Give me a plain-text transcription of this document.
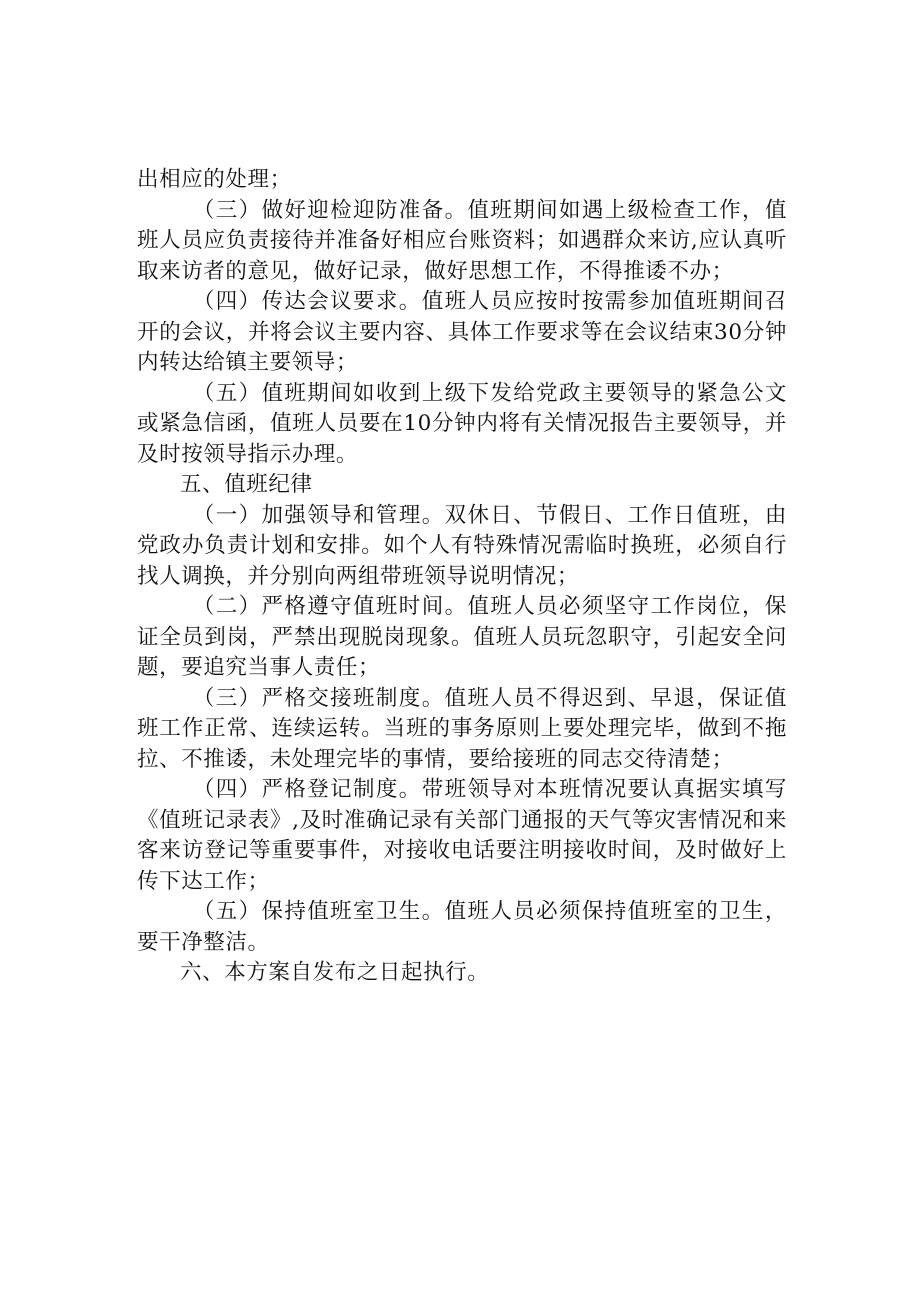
出相应的处理；

（三）做好迎检迎防准备。值班期间如遇上级检查工作，值班人员应负责接待并准备好相应台账资料；如遇群众来访,应认真听取来访者的意见，做好记录，做好思想工作，不得推诿不办；

（四）传达会议要求。值班人员应按时按需参加值班期间召开的会议，并将会议主要内容、具体工作要求等在会议结束30分钟内转达给镇主要领导；

（五）值班期间如收到上级下发给党政主要领导的紧急公文或紧急信函，值班人员要在10分钟内将有关情况报告主要领导，并及时按领导指示办理。

五、值班纪律

（一）加强领导和管理。双休日、节假日、工作日值班，由党政办负责计划和安排。如个人有特殊情况需临时换班，必须自行找人调换，并分别向两组带班领导说明情况；

（二）严格遵守值班时间。值班人员必须坚守工作岗位，保证全员到岗，严禁出现脱岗现象。值班人员玩忽职守，引起安全问题，要追究当事人责任；

（三）严格交接班制度。值班人员不得迟到、早退，保证值班工作正常、连续运转。当班的事务原则上要处理完毕，做到不拖拉、不推诿，未处理完毕的事情，要给接班的同志交待清楚；

（四）严格登记制度。带班领导对本班情况要认真据实填写《值班记录表》,及时准确记录有关部门通报的天气等灾害情况和来客来访登记等重要事件，对接收电话要注明接收时间，及时做好上传下达工作；

（五）保持值班室卫生。值班人员必须保持值班室的卫生，要干净整洁。

六、本方案自发布之日起执行。
